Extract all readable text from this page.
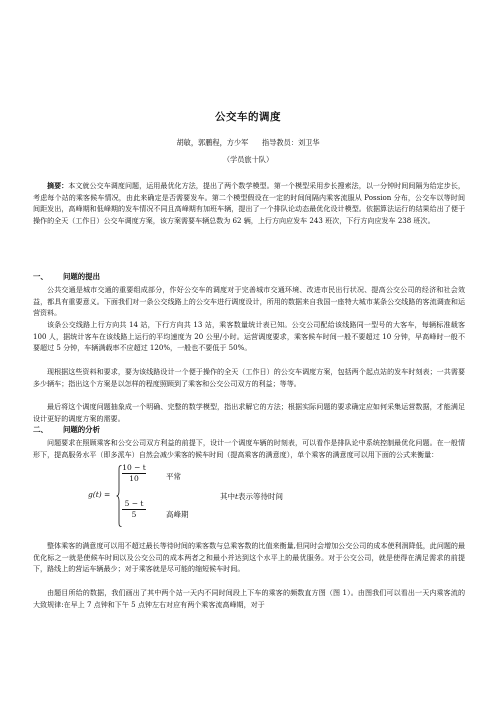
公交车的调度
胡敏，郭鹏程，方少军      指导教员：刘卫华
（学员旅十队）

摘要：本文就公交车调度问题，运用最优化方法，提出了两个数学模型。第一个模型采用步长搜索法，以一分钟时间间隔为给定步长，考虑每个站的乘客候车情况，由此来确定是否需要发车。第二个模型假设在一定的时间间隔内乘客流服从 Possion 分布，公交车以等时间间距发出，高峰期和低峰期的发车情况不同且高峰期有加班车辆，提出了一个排队论动态最优化设计模型。依据算法运行的结果给出了便于操作的全天（工作日）公交车调度方案，该方案需要车辆总数为 62 辆，上行方向应发车 243 班次，下行方向应发车 238 班次。

一、 问题的提出

公共交通是城市交通的重要组成部分，作好公交车的调度对于完善城市交通环境、改进市民出行状况、提高公交公司的经济和社会效益，都具有重要意义。下面我们对一条公交线路上的公交车进行调度设计，所用的数据来自我国一座特大城市某条公交线路的客流调查和运营资料。

该条公交线路上行方向共 14 站，下行方向共 13 站，乘客数量统计表已知。公交公司配给该线路同一型号的大客车，每辆标准载客 100 人，据统计客车在该线路上运行的平均速度为 20 公里/小时。运营调度要求，乘客候车时间一般不要超过 10 分钟，早高峰时一般不要超过 5 分钟，车辆满载率不应超过 120%，一般也不要低于 50%。

现根据这些资料和要求，要为该线路设计一个便于操作的全天（工作日）的公交车调度方案，包括两个起点站的发车时刻表；一共需要多少辆车；指出这个方案是以怎样的程度照顾到了乘客和公交公司双方的利益；等等。

最后将这个调度问题抽象成一个明确、完整的数学模型，指出求解它的方法；根据实际问题的要求确定应如何采集运营数据，才能满足设计更好的调度方案的需要。

二、 问题的分析

问题要求在照顾乘客和公交公司双方利益的前提下，设计一个调度车辆的时刻表，可以看作是排队论中系统控制最优化问题。在一般情形下，提高服务水平（即多派车）自然会减少乘客的候车时间（提高乘客的满意度），单个乘客的满意度可以用下面的公式来衡量：

g(t) =
$\frac{10 - t}{10}$	平常
$\frac{5 - t}{5}$	高峰期
其中t表示等待时间

整体乘客的满意度可以用不超过最长等待时间的乘客数与总乘客数的比值来衡量,但同时会增加公交公司的成本使利润降低，此问题的最优化标之一就是使候车时间以及公交公司的成本两者之和最小并达到这个水平上的最优服务。对于公交公司，就是使得在满足需求的前提下，路线上的营运车辆最少；对于乘客就是尽可能的缩短候车时间。

由题目所给的数据，我们画出了其中两个站一天内不同时间段上下车的乘客的频数直方图（图 1）。由图我们可以看出一天内乘客流的大致规律:在早上 7 点钟和下午 5 点钟左右对应有两个乘客流高峰期，对于
